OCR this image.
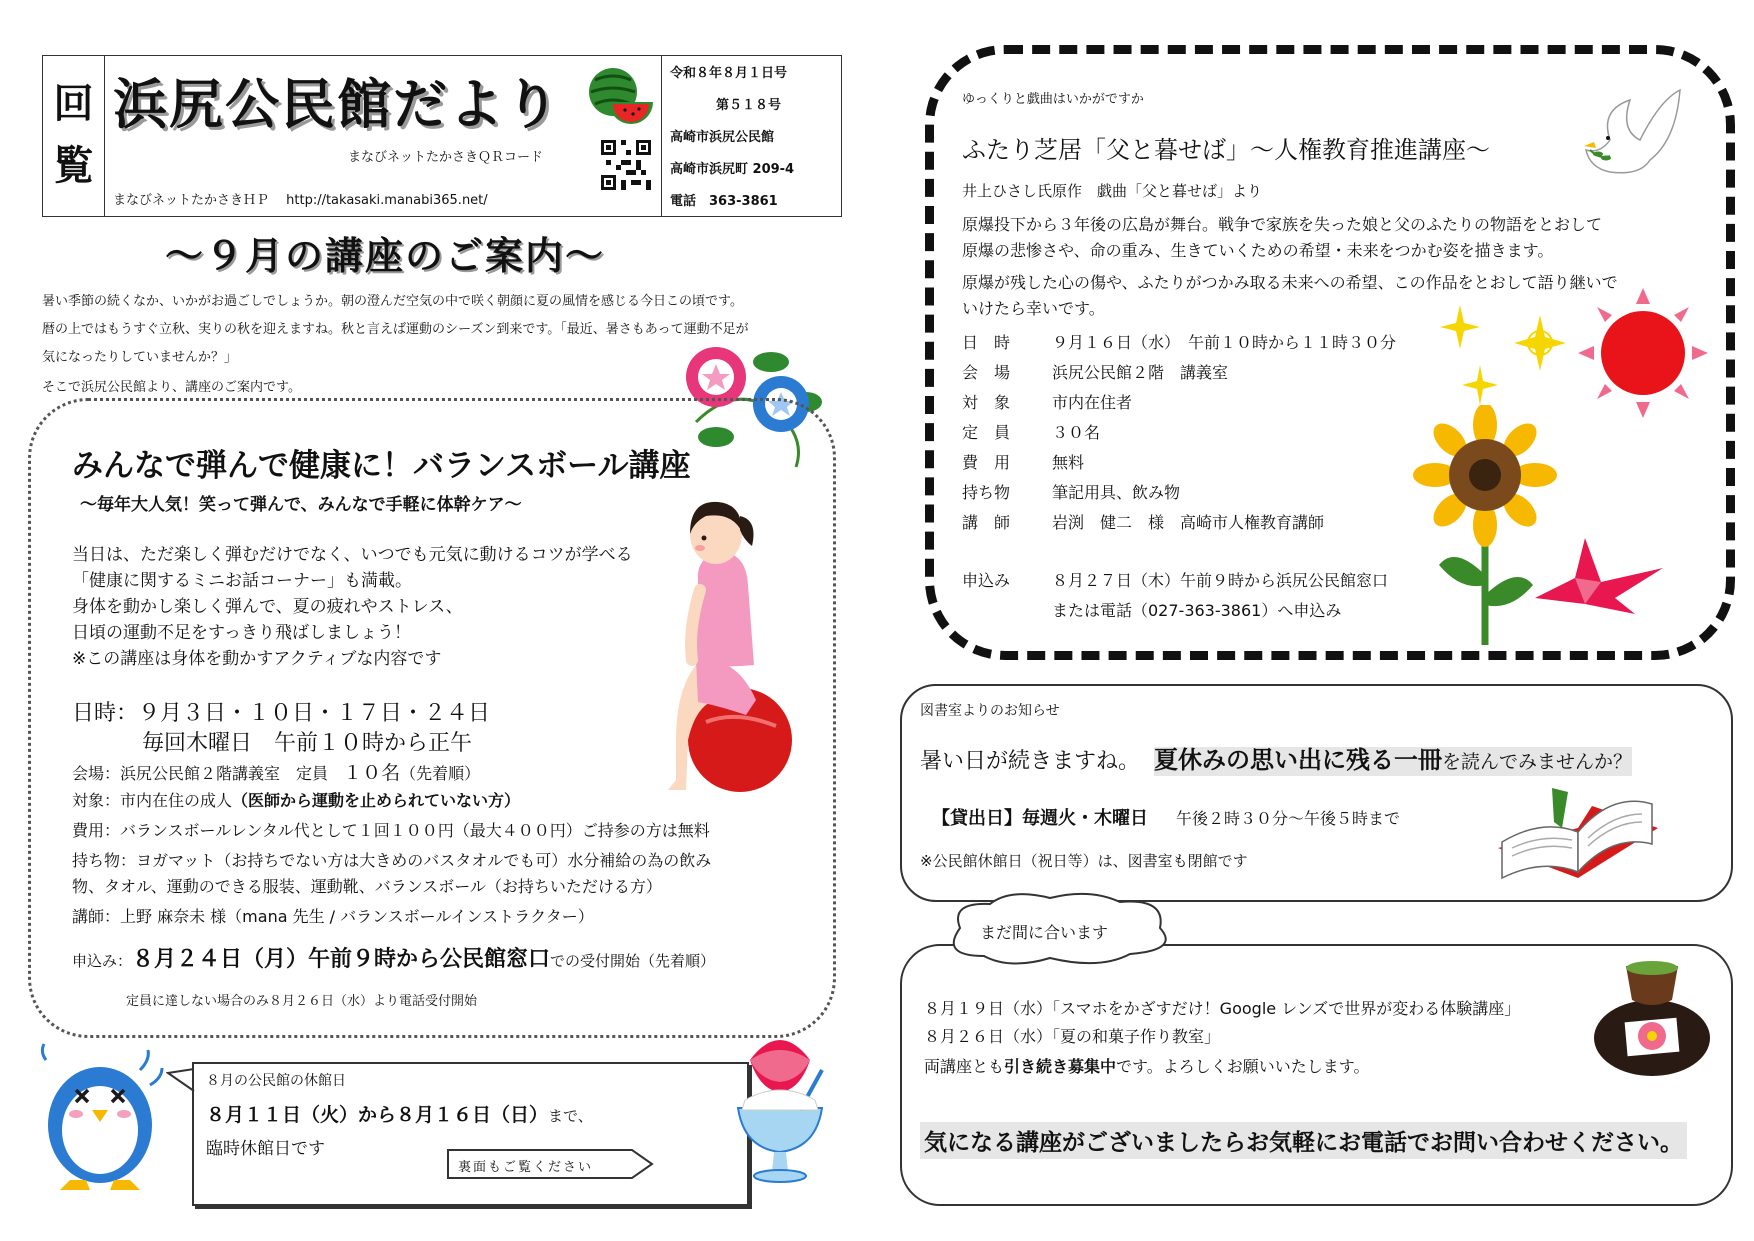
回
覧
浜尻公民館だより
まなびネットたかさきＱＲコード
まなびネットたかさきＨＰ　 http://takasaki.manabi365.net/
令和８年８月１日号
第５１８号
高崎市浜尻公民館
高崎市浜尻町 209-4
電話　363-3861
～９月の講座のご案内～
暑い季節の続くなか、いかがお過ごしでしょうか。朝の澄んだ空気の中で咲く朝顔に夏の風情を感じる今日この頃です。
暦の上ではもうすぐ立秋、実りの秋を迎えますね。秋と言えば運動のシーズン到来です。「最近、暑さもあって運動不足が
気になったりしていませんか？」
そこで浜尻公民館より、講座のご案内です。
みんなで弾んで健康に！バランスボール講座
～毎年大人気！笑って弾んで、みんなで手軽に体幹ケア～
当日は、ただ楽しく弾むだけでなく、いつでも元気に動けるコツが学べる
「健康に関するミニお話コーナー」も満載。
身体を動かし楽しく弾んで、夏の疲れやストレス、
日頃の運動不足をすっきり飛ばしましょう！
※この講座は身体を動かすアクティブな内容です
日時：９月３日・１０日・１７日・２４日
毎回木曜日　午前１０時から正午
会場：浜尻公民館２階講義室　定員 １０名（先着順）
対象：市内在住の成人（医師から運動を止められていない方）
費用：バランスボールレンタル代として１回１００円（最大４００円）ご持参の方は無料
持ち物：ヨガマット（お持ちでない方は大きめのバスタオルでも可）水分補給の為の飲み
物、タオル、運動のできる服装、運動靴、バランスボール（お持ちいただける方）
講師：上野 麻奈未 様（mana 先生 / バランスボールインストラクター）
申込み：８月２４日（月）午前９時から公民館窓口での受付開始（先着順）
定員に達しない場合のみ８月２６日（水）より電話受付開始
８月の公民館の休館日
８月１１日（火）から８月１６日（日）まで、
臨時休館日です
裏面もご覧ください
ゆっくりと戯曲はいかがですか
ふたり芝居「父と暮せば」～人権教育推進講座～
井上ひさし氏原作　戯曲「父と暮せば」より
原爆投下から３年後の広島が舞台。戦争で家族を失った娘と父のふたりの物語をとおして
原爆の悲惨さや、命の重み、生きていくための希望・未来をつかむ姿を描きます。
原爆が残した心の傷や、ふたりがつかみ取る未来への希望、この作品をとおして語り継いで
いけたら幸いです。
日　時	９月１６日（水）　午前１０時から１１時３０分
会　場	浜尻公民館２階　講義室
対　象	市内在住者
定　員	３０名
費　用	無料
持ち物	筆記用具、飲み物
講　師	岩渕　健二　様　高崎市人権教育講師
申込み	８月２７日（木）午前９時から浜尻公民館窓口
または電話（027-363-3861）へ申込み
図書室よりのお知らせ
暑い日が続きますね。 夏休みの思い出に残る一冊を読んでみませんか？
【貸出日】毎週火・木曜日 午後２時３０分～午後５時まで
※公民館休館日（祝日等）は、図書室も閉館です
まだ間に合います
８月１９日（水）「スマホをかざすだけ！Google レンズで世界が変わる体験講座」
８月２６日（水）「夏の和菓子作り教室」
両講座とも引き続き募集中です。よろしくお願いいたします。
気になる講座がございましたらお気軽にお電話でお問い合わせください。
